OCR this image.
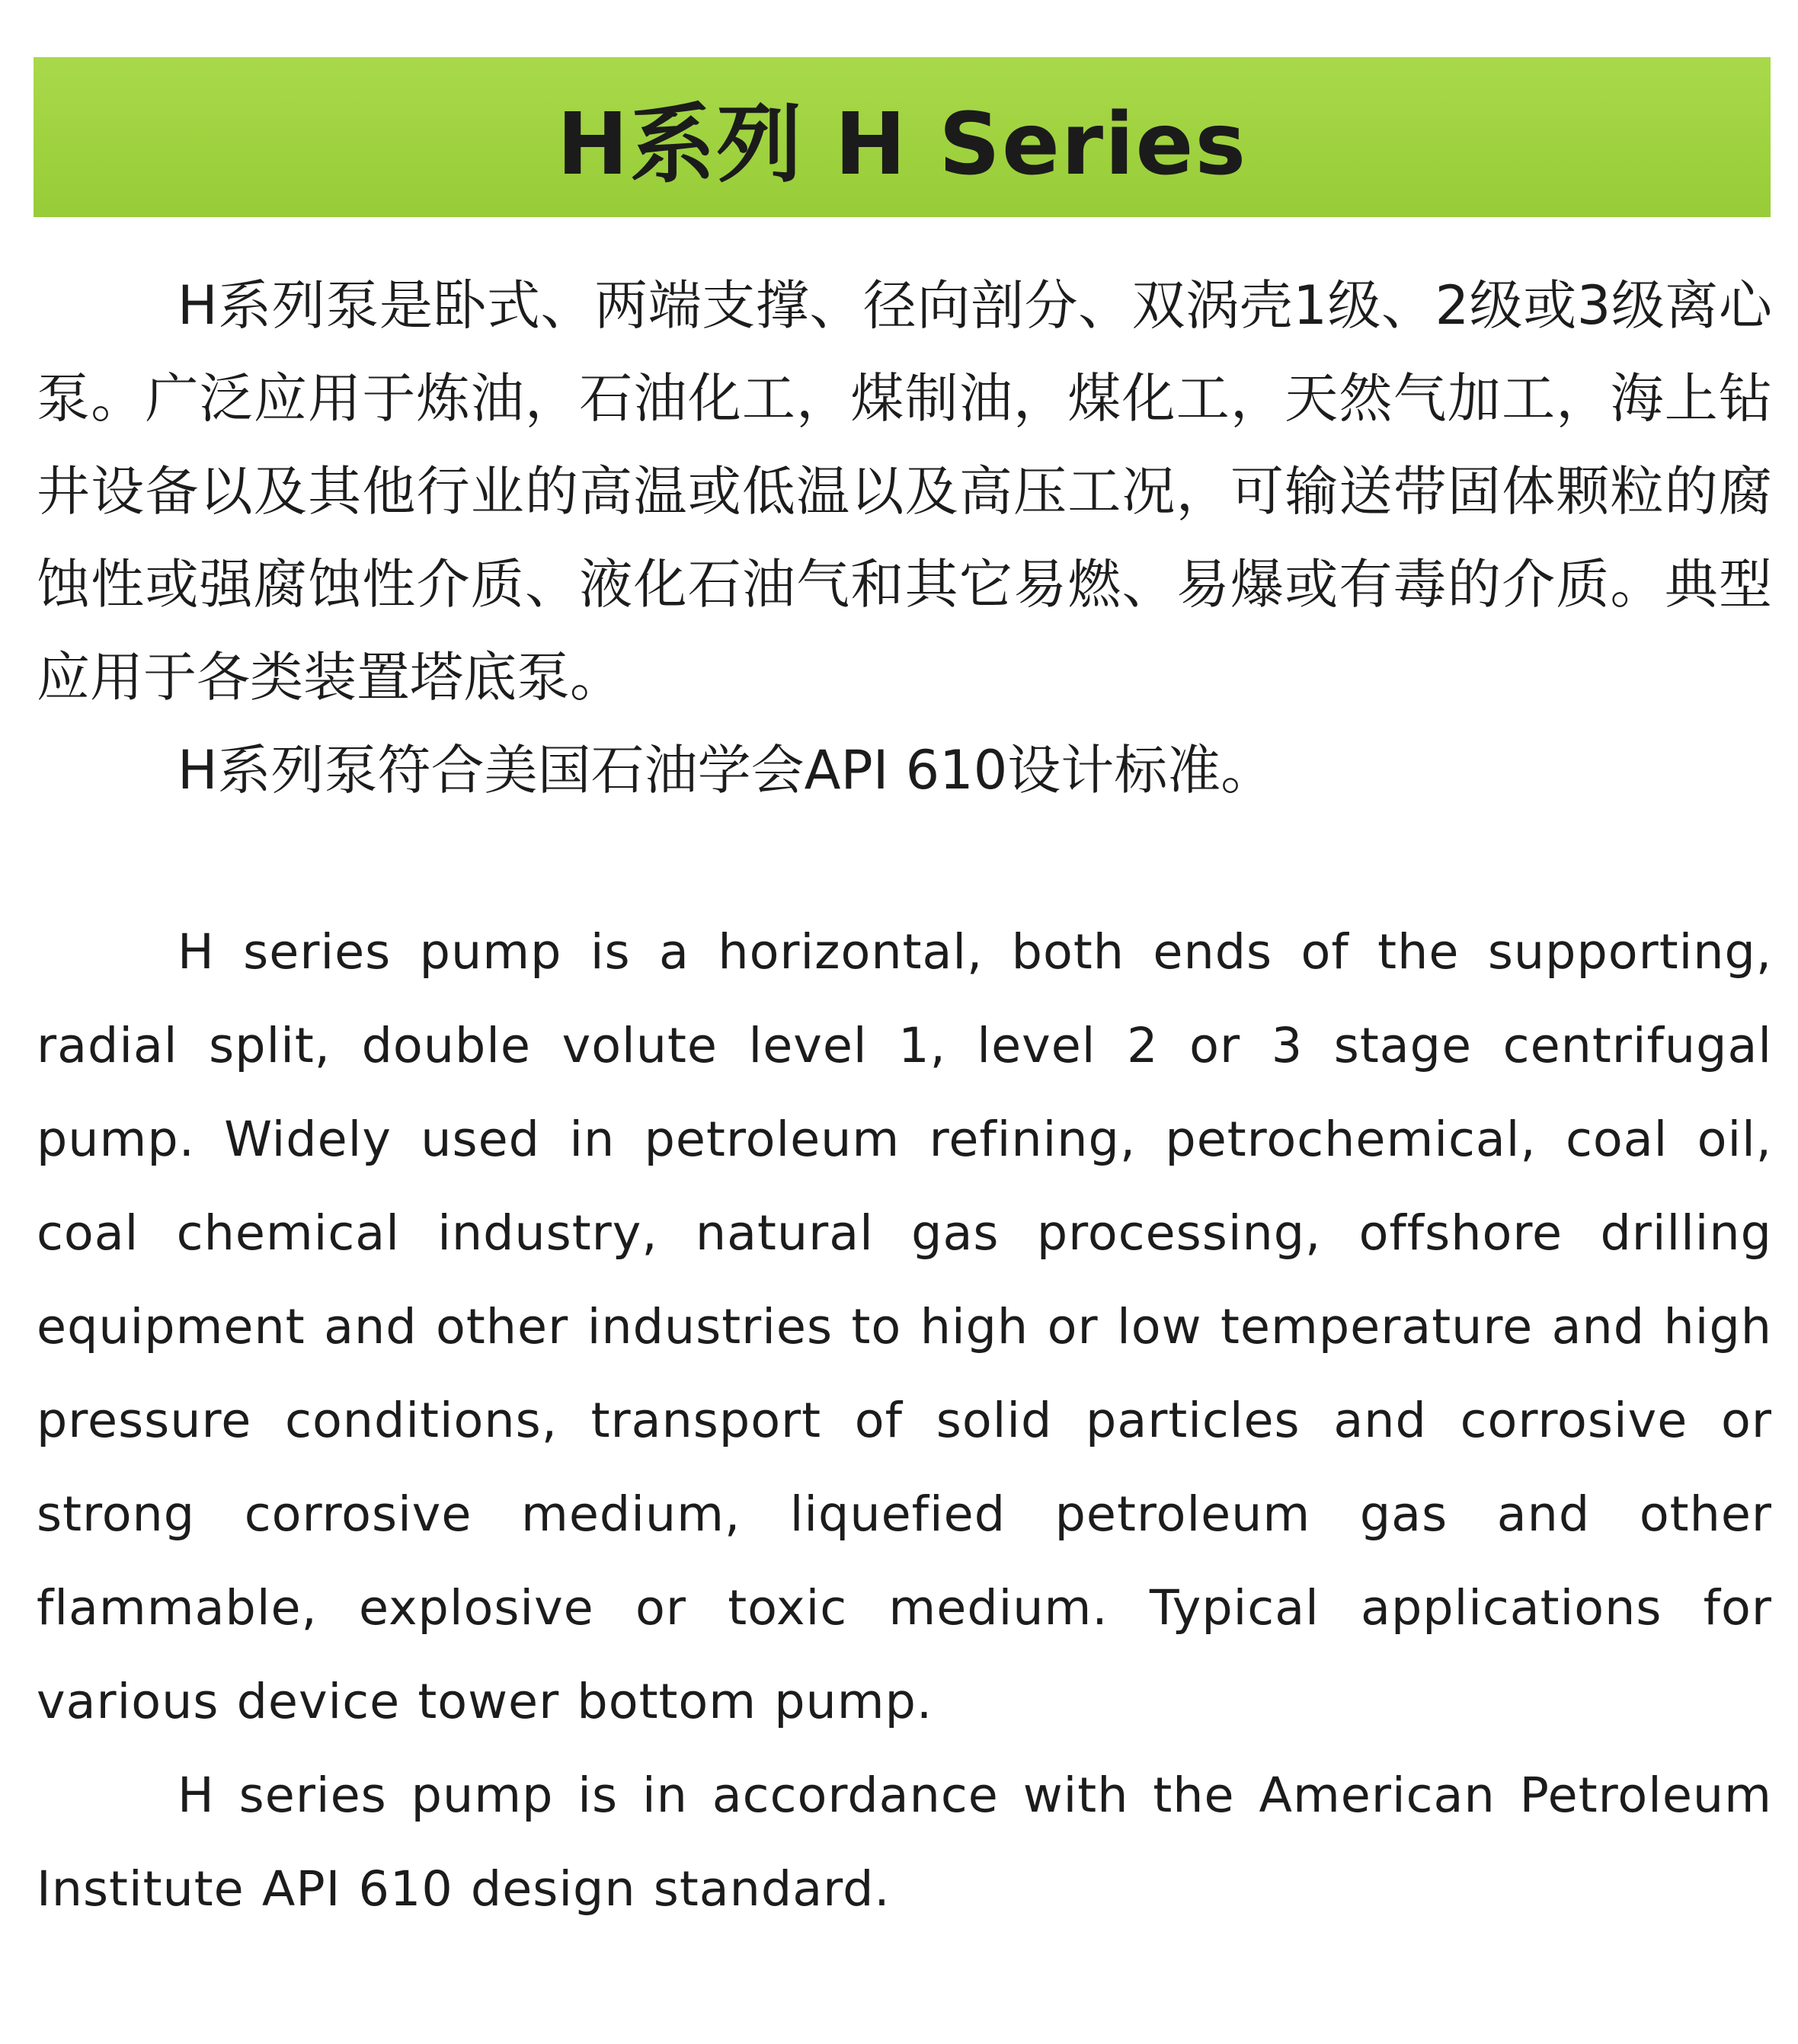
H系列 H Series

H系列泵是卧式、两端支撑、径向剖分、双涡壳1级、2级或3级离心泵。广泛应用于炼油，石油化工，煤制油，煤化工，天然气加工，海上钻井设备以及其他行业的高温或低温以及高压工况，可输送带固体颗粒的腐蚀性或强腐蚀性介质、液化石油气和其它易燃、易爆或有毒的介质。典型应用于各类装置塔底泵。

H系列泵符合美国石油学会API 610设计标准。

H series pump is a horizontal, both ends of the supporting, radial split, double volute level 1, level 2 or 3 stage centrifugal pump. Widely used in petroleum refining, petrochemical, coal oil, coal chemical industry, natural gas processing, offshore drilling equipment and other industries to high or low temperature and high pressure conditions, transport of solid particles and corrosive or strong corrosive medium, liquefied petroleum gas and other flammable, explosive or toxic medium. Typical applications for various device tower bottom pump.

H series pump is in accordance with the American Petroleum Institute API 610 design standard.
